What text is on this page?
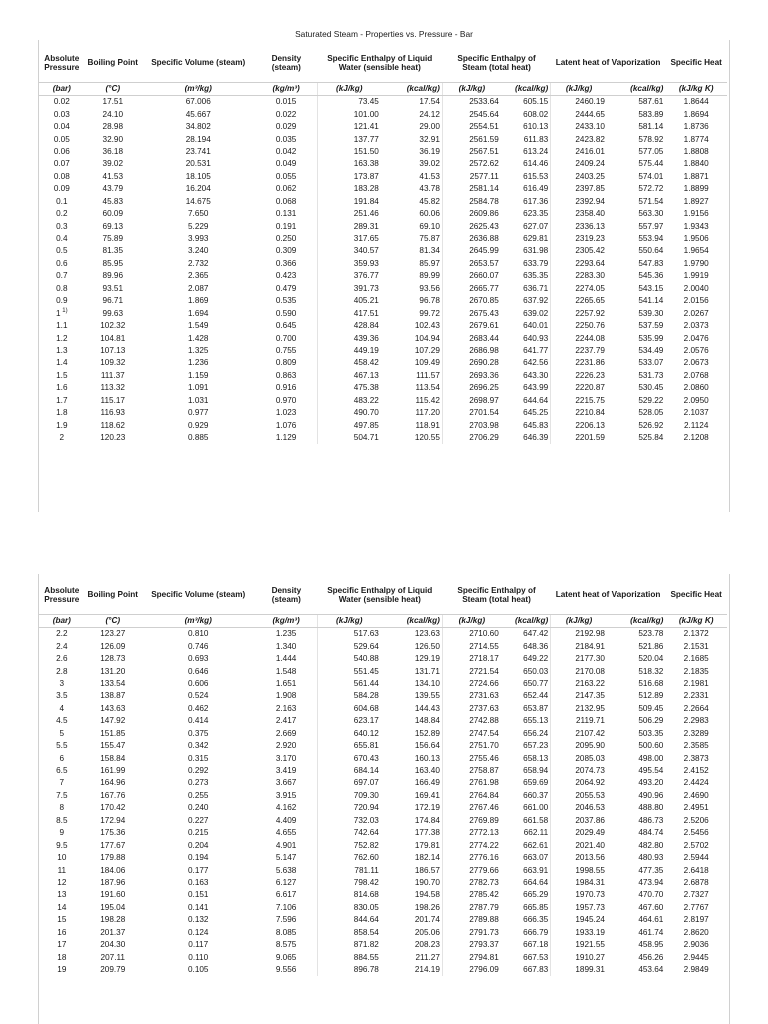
Saturated Steam - Properties vs. Pressure - Bar
Absolute Pressure	Boiling Point	Specific Volume (steam)	Density (steam)	Specific Enthalpy of Liquid Water (sensible heat)		Specific Enthalpy of Steam (total heat)		Latent heat of Vaporization		Specific Heat
(bar)	(°C)	(m³/kg)	(kg/m³)	(kJ/kg)	(kcal/kg)	(kJ/kg)	(kcal/kg)	(kJ/kg)	(kcal/kg)	(kJ/kg K)
0.02	17.51	67.006	0.015	73.45	17.54	2533.64	605.15	2460.19	587.61	1.8644
0.03	24.10	45.667	0.022	101.00	24.12	2545.64	608.02	2444.65	583.89	1.8694
0.04	28.98	34.802	0.029	121.41	29.00	2554.51	610.13	2433.10	581.14	1.8736
0.05	32.90	28.194	0.035	137.77	32.91	2561.59	611.83	2423.82	578.92	1.8774
0.06	36.18	23.741	0.042	151.50	36.19	2567.51	613.24	2416.01	577.05	1.8808
0.07	39.02	20.531	0.049	163.38	39.02	2572.62	614.46	2409.24	575.44	1.8840
0.08	41.53	18.105	0.055	173.87	41.53	2577.11	615.53	2403.25	574.01	1.8871
0.09	43.79	16.204	0.062	183.28	43.78	2581.14	616.49	2397.85	572.72	1.8899
0.1	45.83	14.675	0.068	191.84	45.82	2584.78	617.36	2392.94	571.54	1.8927
0.2	60.09	7.650	0.131	251.46	60.06	2609.86	623.35	2358.40	563.30	1.9156
0.3	69.13	5.229	0.191	289.31	69.10	2625.43	627.07	2336.13	557.97	1.9343
0.4	75.89	3.993	0.250	317.65	75.87	2636.88	629.81	2319.23	553.94	1.9506
0.5	81.35	3.240	0.309	340.57	81.34	2645.99	631.98	2305.42	550.64	1.9654
0.6	85.95	2.732	0.366	359.93	85.97	2653.57	633.79	2293.64	547.83	1.9790
0.7	89.96	2.365	0.423	376.77	89.99	2660.07	635.35	2283.30	545.36	1.9919
0.8	93.51	2.087	0.479	391.73	93.56	2665.77	636.71	2274.05	543.15	2.0040
0.9	96.71	1.869	0.535	405.21	96.78	2670.85	637.92	2265.65	541.14	2.0156
1 $^{1)}$	99.63	1.694	0.590	417.51	99.72	2675.43	639.02	2257.92	539.30	2.0267
1.1	102.32	1.549	0.645	428.84	102.43	2679.61	640.01	2250.76	537.59	2.0373
1.2	104.81	1.428	0.700	439.36	104.94	2683.44	640.93	2244.08	535.99	2.0476
1.3	107.13	1.325	0.755	449.19	107.29	2686.98	641.77	2237.79	534.49	2.0576
1.4	109.32	1.236	0.809	458.42	109.49	2690.28	642.56	2231.86	533.07	2.0673
1.5	111.37	1.159	0.863	467.13	111.57	2693.36	643.30	2226.23	531.73	2.0768
1.6	113.32	1.091	0.916	475.38	113.54	2696.25	643.99	2220.87	530.45	2.0860
1.7	115.17	1.031	0.970	483.22	115.42	2698.97	644.64	2215.75	529.22	2.0950
1.8	116.93	0.977	1.023	490.70	117.20	2701.54	645.25	2210.84	528.05	2.1037
1.9	118.62	0.929	1.076	497.85	118.91	2703.98	645.83	2206.13	526.92	2.1124
2	120.23	0.885	1.129	504.71	120.55	2706.29	646.39	2201.59	525.84	2.1208
Absolute Pressure	Boiling Point	Specific Volume (steam)	Density (steam)	Specific Enthalpy of Liquid Water (sensible heat)		Specific Enthalpy of Steam (total heat)		Latent heat of Vaporization		Specific Heat
(bar)	(°C)	(m³/kg)	(kg/m³)	(kJ/kg)	(kcal/kg)	(kJ/kg)	(kcal/kg)	(kJ/kg)	(kcal/kg)	(kJ/kg K)
2.2	123.27	0.810	1.235	517.63	123.63	2710.60	647.42	2192.98	523.78	2.1372
2.4	126.09	0.746	1.340	529.64	126.50	2714.55	648.36	2184.91	521.86	2.1531
2.6	128.73	0.693	1.444	540.88	129.19	2718.17	649.22	2177.30	520.04	2.1685
2.8	131.20	0.646	1.548	551.45	131.71	2721.54	650.03	2170.08	518.32	2.1835
3	133.54	0.606	1.651	561.44	134.10	2724.66	650.77	2163.22	516.68	2.1981
3.5	138.87	0.524	1.908	584.28	139.55	2731.63	652.44	2147.35	512.89	2.2331
4	143.63	0.462	2.163	604.68	144.43	2737.63	653.87	2132.95	509.45	2.2664
4.5	147.92	0.414	2.417	623.17	148.84	2742.88	655.13	2119.71	506.29	2.2983
5	151.85	0.375	2.669	640.12	152.89	2747.54	656.24	2107.42	503.35	2.3289
5.5	155.47	0.342	2.920	655.81	156.64	2751.70	657.23	2095.90	500.60	2.3585
6	158.84	0.315	3.170	670.43	160.13	2755.46	658.13	2085.03	498.00	2.3873
6.5	161.99	0.292	3.419	684.14	163.40	2758.87	658.94	2074.73	495.54	2.4152
7	164.96	0.273	3.667	697.07	166.49	2761.98	659.69	2064.92	493.20	2.4424
7.5	167.76	0.255	3.915	709.30	169.41	2764.84	660.37	2055.53	490.96	2.4690
8	170.42	0.240	4.162	720.94	172.19	2767.46	661.00	2046.53	488.80	2.4951
8.5	172.94	0.227	4.409	732.03	174.84	2769.89	661.58	2037.86	486.73	2.5206
9	175.36	0.215	4.655	742.64	177.38	2772.13	662.11	2029.49	484.74	2.5456
9.5	177.67	0.204	4.901	752.82	179.81	2774.22	662.61	2021.40	482.80	2.5702
10	179.88	0.194	5.147	762.60	182.14	2776.16	663.07	2013.56	480.93	2.5944
11	184.06	0.177	5.638	781.11	186.57	2779.66	663.91	1998.55	477.35	2.6418
12	187.96	0.163	6.127	798.42	190.70	2782.73	664.64	1984.31	473.94	2.6878
13	191.60	0.151	6.617	814.68	194.58	2785.42	665.29	1970.73	470.70	2.7327
14	195.04	0.141	7.106	830.05	198.26	2787.79	665.85	1957.73	467.60	2.7767
15	198.28	0.132	7.596	844.64	201.74	2789.88	666.35	1945.24	464.61	2.8197
16	201.37	0.124	8.085	858.54	205.06	2791.73	666.79	1933.19	461.74	2.8620
17	204.30	0.117	8.575	871.82	208.23	2793.37	667.18	1921.55	458.95	2.9036
18	207.11	0.110	9.065	884.55	211.27	2794.81	667.53	1910.27	456.26	2.9445
19	209.79	0.105	9.556	896.78	214.19	2796.09	667.83	1899.31	453.64	2.9849
